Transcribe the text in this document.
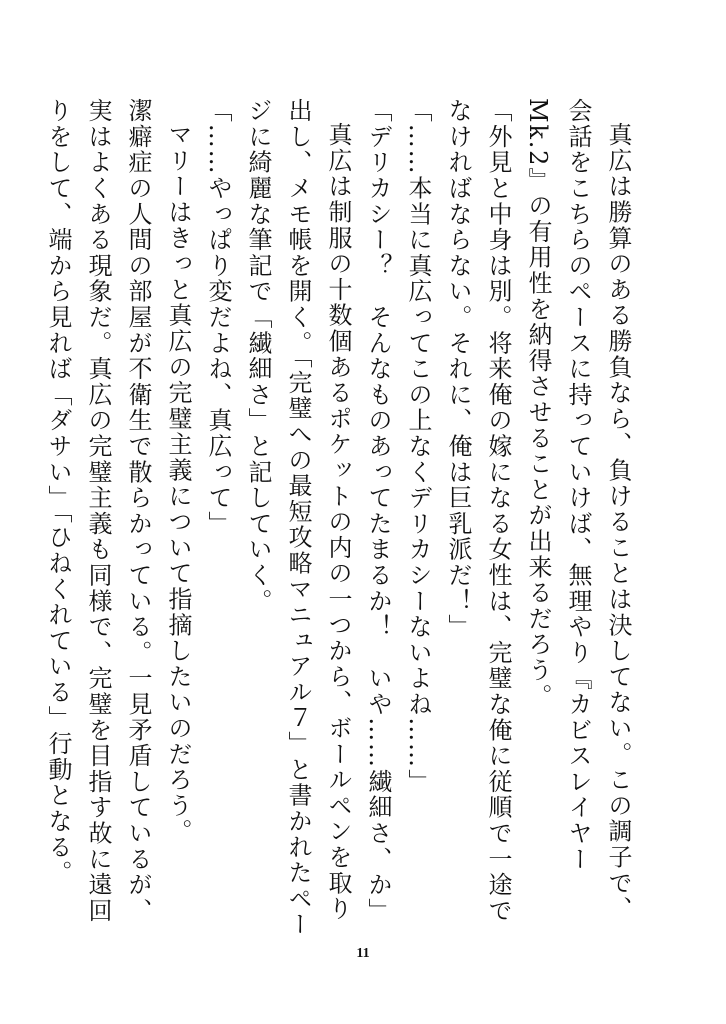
真広は勝算のある勝負なら、負けることは決してない。この調子で、会話をこちらのペースに持っていけば、無理やり『カビスレイヤーMk.2』の有用性を納得させることが出来るだろう。

「外見と中身は別。将来俺の嫁になる女性は、完璧な俺に従順で一途でなければならない。それに、俺は巨乳派だ！」

「……本当に真広ってこの上なくデリカシーないよね……」

「デリカシー？　そんなものあってたまるか！　いや……繊細さ、か」

真広は制服の十数個あるポケットの内の一つから、ボールペンを取り出し、メモ帳を開く。「完璧への最短攻略マニュアル７」と書かれたページに綺麗な筆記で「繊細さ」と記していく。

「……やっぱり変だよね、真広って」

マリーはきっと真広の完璧主義について指摘したいのだろう。

潔癖症の人間の部屋が不衛生で散らかっている。一見矛盾しているが、実はよくある現象だ。真広の完璧主義も同様で、完璧を目指す故に遠回りをして、端から見れば「ダサい」「ひねくれている」行動となる。

11
